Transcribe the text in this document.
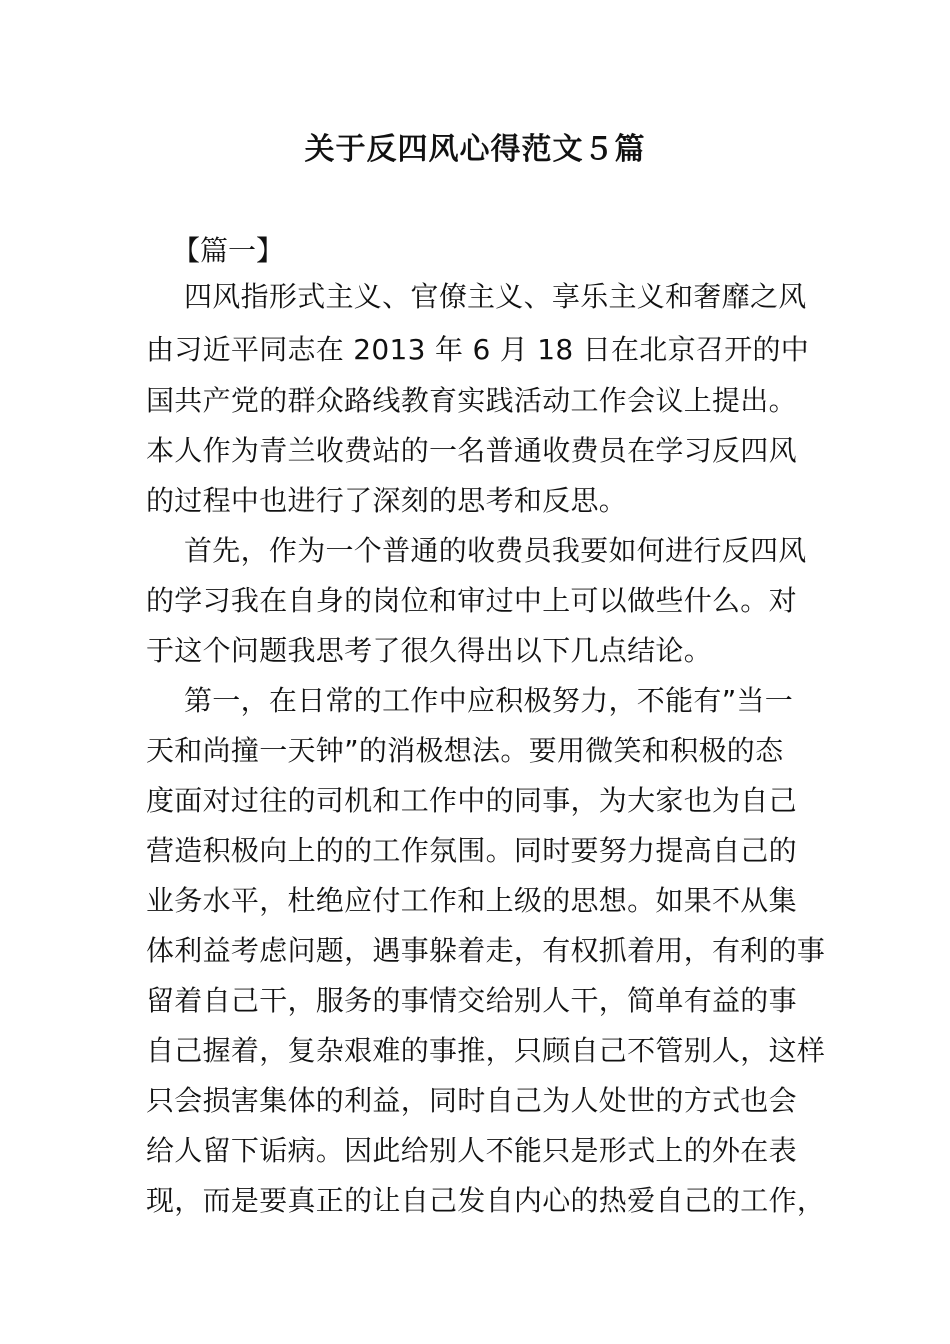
关于反四风心得范文５篇
【篇一】
四风指形式主义、官僚主义、享乐主义和奢靡之风
由习近平同志在 2013 年 6 月 18 日在北京召开的中
国共产党的群众路线教育实践活动工作会议上提出。
本人作为青兰收费站的一名普通收费员在学习反四风
的过程中也进行了深刻的思考和反思。
首先，作为一个普通的收费员我要如何进行反四风
的学习我在自身的岗位和审过中上可以做些什么。对
于这个问题我思考了很久得出以下几点结论。
第一，在日常的工作中应积极努力，不能有”当一
天和尚撞一天钟”的消极想法。要用微笑和积极的态
度面对过往的司机和工作中的同事，为大家也为自己
营造积极向上的的工作氛围。同时要努力提高自己的
业务水平，杜绝应付工作和上级的思想。如果不从集
体利益考虑问题，遇事躲着走，有权抓着用，有利的事
留着自己干，服务的事情交给别人干，简单有益的事
自己握着，复杂艰难的事推，只顾自己不管别人，这样
只会损害集体的利益，同时自己为人处世的方式也会
给人留下诟病。因此给别人不能只是形式上的外在表
现，而是要真正的让自己发自内心的热爱自己的工作，
